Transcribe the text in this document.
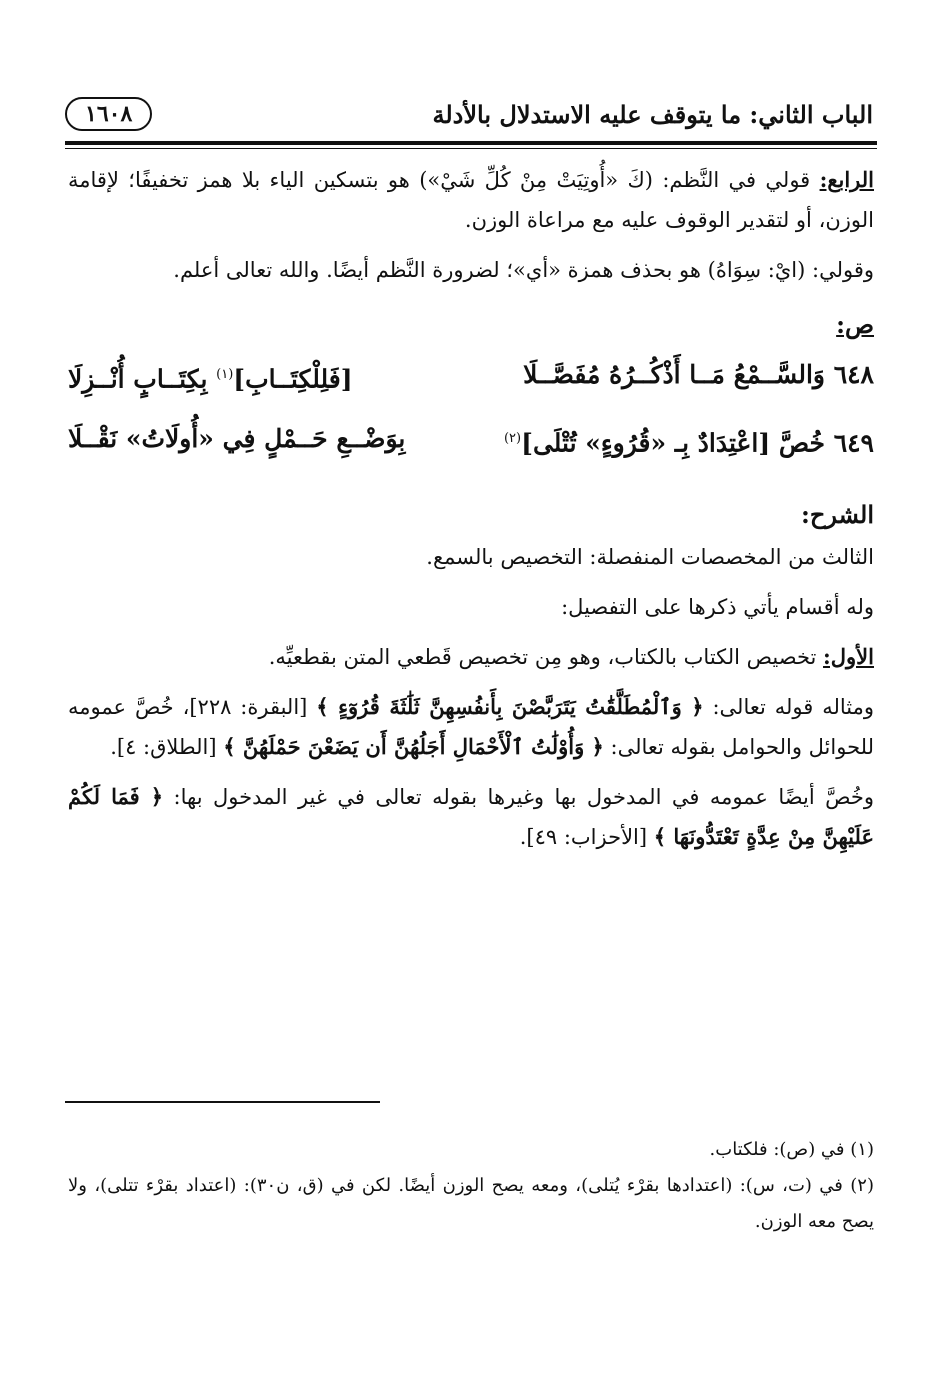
الباب الثاني: ما يتوقف عليه الاستدلال بالأدلة
١٦٠٨

الرابع: قولي في النَّظم: (كَ «أُوتِيَتْ مِنْ كُلِّ شَيْ») هو بتسكين الياء بلا همز تخفيفًا؛ لإقامة الوزن، أو لتقدير الوقوف عليه مع مراعاة الوزن.

وقولي: (ايْ: سِوَاهُ) هو بحذف همزة «أي»؛ لضرورة النَّظم أيضًا. والله تعالى أعلم.

ص:
٦٤٨ وَالسَّــمْعُ مَــا أَذْكُــرُهُ مُفَصَّــلَا
[فَلِلْكِتَــابِ]$^{(١)}$ بِكِتَــابٍ أُنْــزِلَا
٦٤٩ خُصَّ [اعْتِدَادٌ بِـ «قُرُوءٍ» تُتْلَى]$^{(٢)}$
بِوَضْــعِ حَــمْلٍ فِي «أُولَاتُ» نَقْــلَا
الشرح:

الثالث من المخصصات المنفصلة: التخصيص بالسمع.

وله أقسام يأتي ذكرها على التفصيل:

الأول: تخصيص الكتاب بالكتاب، وهو مِن تخصيص قَطعي المتن بقطعيِّه.

ومثاله قوله تعالى: ﴿ وَٱلْمُطَلَّقَٰتُ يَتَرَبَّصْنَ بِأَنفُسِهِنَّ ثَلَٰثَةَ قُرُوٓءٍ ﴾ [البقرة: ٢٢٨]، خُصَّ عمومه للحوائل والحوامل بقوله تعالى: ﴿ وَأُوْلَٰتُ ٱلْأَحْمَالِ أَجَلُهُنَّ أَن يَضَعْنَ حَمْلَهُنَّ ﴾ [الطلاق: ٤].

وخُصَّ أيضًا عمومه في المدخول بها وغيرها بقوله تعالى في غير المدخول بها: ﴿ فَمَا لَكُمْ عَلَيْهِنَّ مِنْ عِدَّةٍ تَعْتَدُّونَهَا ﴾ [الأحزاب: ٤٩].

(١) في (ص): فلكتاب.

(٢) في (ت، س): (اعتدادها بقرْء يُتلى)، ومعه يصح الوزن أيضًا. لكن في (ق، ن٣٠): (اعتداد بقرْء تتلى)، ولا يصح معه الوزن.
